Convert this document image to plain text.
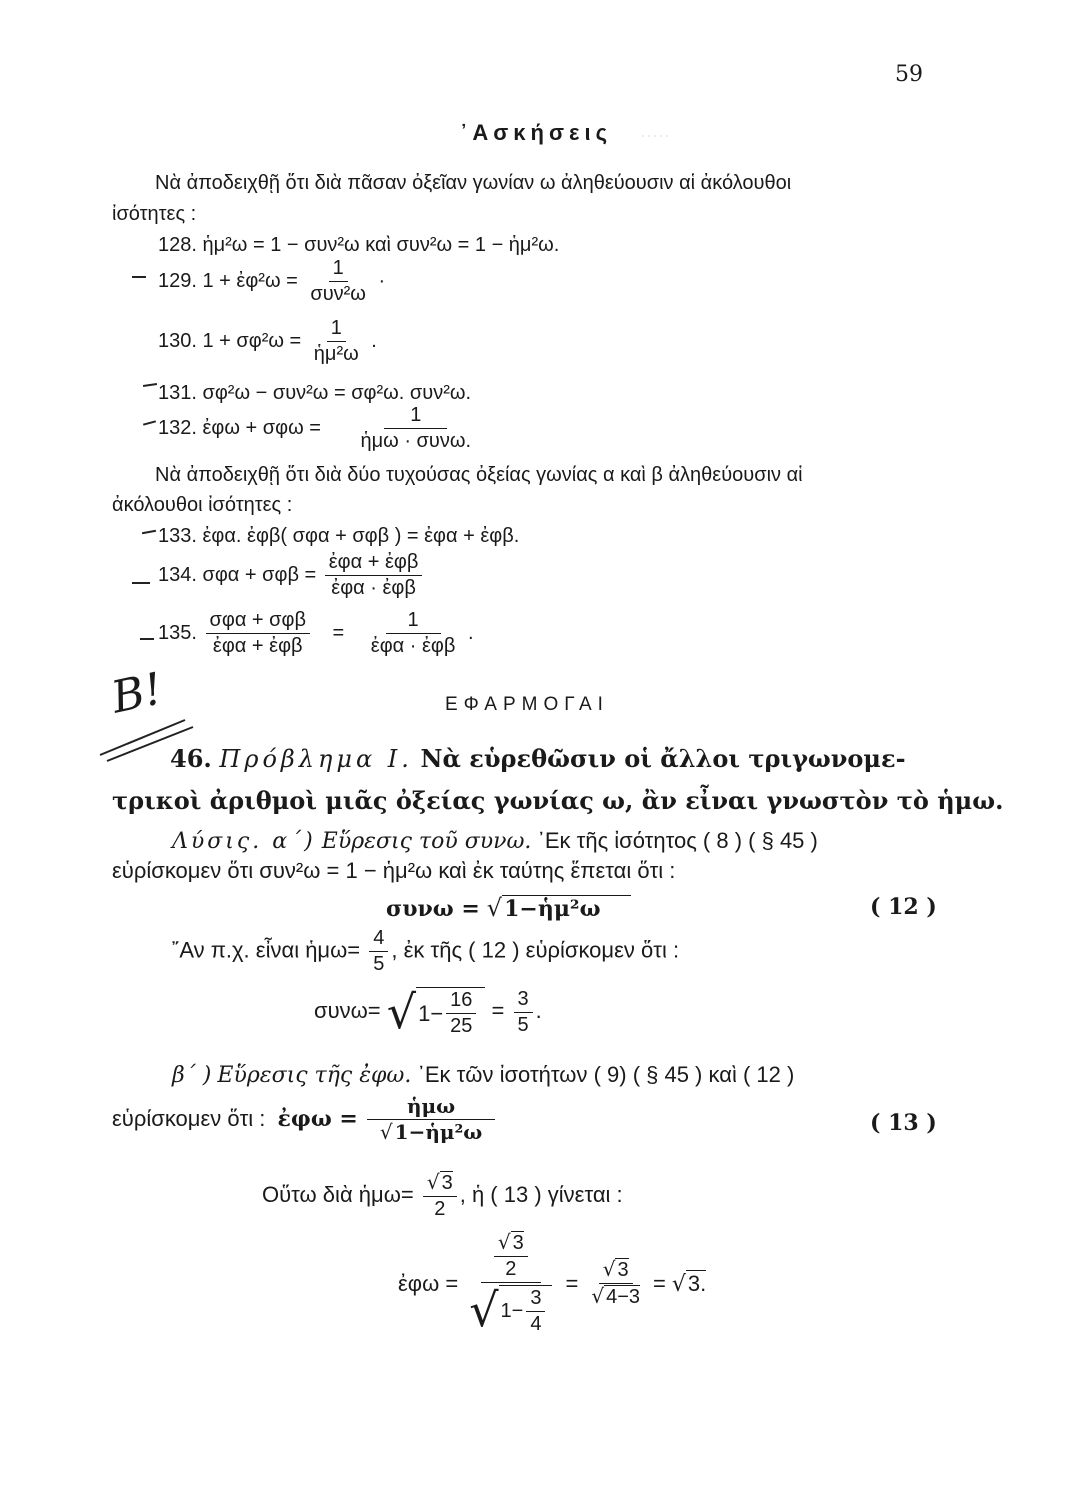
·····
59
᾿Ασκήσεις
Νὰ ἀποδειχθῇ ὅτι διὰ πᾶσαν ὀξεῖαν γωνίαν ω ἀληθεύουσιν αἱ ἀκόλουθοι
ἰσότητες :
128. ἡμ²ω = 1 − συν²ω καὶ συν²ω = 1 − ἡμ²ω.
129. 1 + ἐφ²ω = $\frac{1}{\text{συν²ω}}$ ·
130. $1 + \sigma\varphi^2\omega = \frac{1}{\text{ἡμ²ω}}$ .
131. σφ²ω − συν²ω = σφ²ω. συν²ω.
132. ἐφω + $\sigma\varphi\omega = \frac{1}{\text{ἡμω · συνω.}}$
Νὰ ἀποδειχθῇ ὅτι διὰ δύο τυχούσας ὀξείας γωνίας α καὶ β ἀληθεύουσιν αἱ
ἀκόλουθοι ἰσότητες :
133. ἐφα. ἐφβ( σφα + σφβ ) = ἐφα + ἐφβ.
134. $\sigma\varphi\alpha + \sigma\varphi\beta = \frac{\text{ἐφα + ἐφβ}}{\text{ἐφα · ἐφβ}}$
135. $\frac{\text{σφα + σφβ}}{\text{ἐφα + ἐφβ}} = \frac{1}{\text{ἐφα · ἐφβ}}$ .
Β!	ΕΦΑΡΜΟΓΑΙ
46. Πρόβλημα I. Νὰ εὑρεθῶσιν οἱ ἄλλοι τριγωνομε-
τρικοὶ ἀριθμοὶ μιᾶς ὀξείας γωνίας ω, ἂν εἶναι γνωστὸν τὸ ἡμω.
Λύσις. α΄) Εὕρεσις τοῦ συνω. ᾿Εκ τῆς ἰσότητος ( 8 ) ( § 45 )
εὑρίσκομεν ὅτι συν²ω = 1 − ἡμ²ω καὶ ἐκ ταύτης ἕπεται ὅτι :
συνω = √1−ἡμ²ω	( 12 )
῎Αν π.χ. εἶναι ἡμω= $\frac{4}{5}$ , ἐκ τῆς ( 12 ) εὑρίσκομεν ὅτι :
συνω= √ $1- \frac{16}{25} = \frac{3}{5}$ .
β΄ ) Εὕρεσις τῆς ἐφω. ᾿Εκ τῶν ἰσοτήτων ( 9) ( § 45 ) καὶ ( 12 )
εὑρίσκομεν ὅτι : ἐφω = $\frac{\text{ἡμω}}{\text{√ 1−ἡμ²ω}}$	( 13 )
Οὕτω διὰ ἡμω= $\frac{√ 3}{2}$ , ἡ ( 13 ) γίνεται :
ἐφω = $\frac{\frac{√ 3}{2}}{√ 1- \frac{3}{4}} = \frac{√ 3}{√ 4-3} = √3$.
